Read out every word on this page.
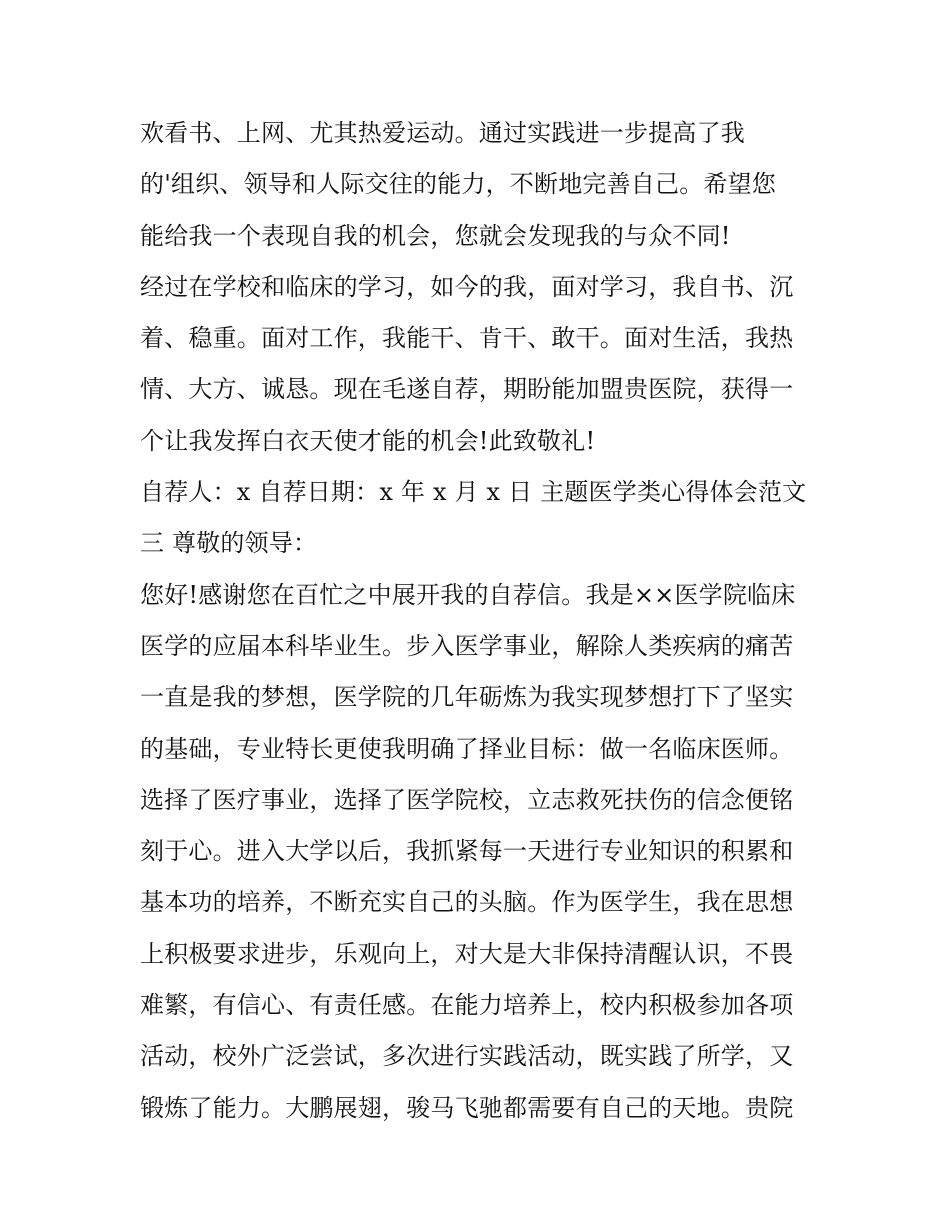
欢看书、上网、尤其热爱运动。通过实践进一步提高了我
的'组织、领导和人际交往的能力，不断地完善自己。希望您
能给我一个表现自我的机会，您就会发现我的与众不同!
经过在学校和临床的学习，如今的我，面对学习，我自书、沉
着、稳重。面对工作，我能干、肯干、敢干。面对生活，我热
情、大方、诚恳。现在毛遂自荐，期盼能加盟贵医院，获得一
个让我发挥白衣天使才能的机会!此致敬礼!
自荐人：x 自荐日期：x 年 x 月 x 日 主题医学类心得体会范文
三 尊敬的领导：
您好!感谢您在百忙之中展开我的自荐信。我是××医学院临床
医学的应届本科毕业生。步入医学事业，解除人类疾病的痛苦
一直是我的梦想，医学院的几年砺炼为我实现梦想打下了坚实
的基础，专业特长更使我明确了择业目标：做一名临床医师。
选择了医疗事业，选择了医学院校，立志救死扶伤的信念便铭
刻于心。进入大学以后，我抓紧每一天进行专业知识的积累和
基本功的培养，不断充实自己的头脑。作为医学生，我在思想
上积极要求进步，乐观向上，对大是大非保持清醒认识，不畏
难繁，有信心、有责任感。在能力培养上，校内积极参加各项
活动，校外广泛尝试，多次进行实践活动，既实践了所学，又
锻炼了能力。大鹏展翅，骏马飞驰都需要有自己的天地。贵院
